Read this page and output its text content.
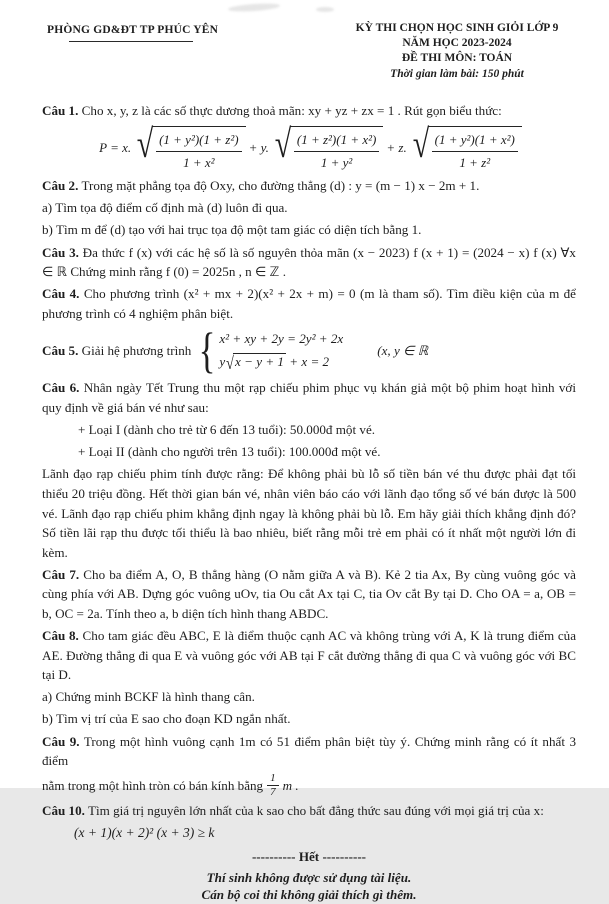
PHÒNG GD&ĐT TP PHÚC YÊN	KỲ THI CHỌN HỌC SINH GIỎI LỚP 9
NĂM HỌC 2023-2024
ĐỀ THI MÔN: TOÁN
Thời gian làm bài: 150 phút

Câu 1. Cho x, y, z là các số thực dương thoả mãn: xy + yz + zx = 1 . Rút gọn biểu thức:

P = x. √
$\frac{\text{(1 + y²)(1 + z²)}}{\text{1 + x²}} + y$. √
$\frac{\text{(1 + z²)(1 + x²)}}{\text{1 + y²}} + z$. √
$\frac{\text{(1 + y²)(1 + x²)}}{\text{1 + z²}}$

Câu 2. Trong mặt phẳng tọa độ Oxy, cho đường thẳng (d) : y = (m − 1) x − 2m + 1.

a) Tìm tọa độ điểm cố định mà (d) luôn đi qua.

b) Tìm m để (d) tạo với hai trục tọa độ một tam giác có diện tích bằng 1.

Câu 3. Đa thức f (x) với các hệ số là số nguyên thỏa mãn (x − 2023) f (x + 1) = (2024 − x) f (x) ∀x ∈ ℝ Chứng minh rằng f (0) = 2025n , n ∈ ℤ .

Câu 4. Cho phương trình (x² + mx + 2)(x² + 2x + m) = 0 (m là tham số). Tìm điều kiện của m để phương trình có 4 nghiệm phân biệt.

Câu 5. Giải hệ phương trình { x² + xy + 2y = 2y² + 2x
y√x − y + 1 + x = 2
(x, y ∈ ℝ

Câu 6. Nhân ngày Tết Trung thu một rạp chiếu phim phục vụ khán giả một bộ phim hoạt hình với quy định về giá bán vé như sau:

+ Loại I (dành cho trẻ từ 6 đến 13 tuổi): 50.000đ một vé.

+ Loại II (dành cho người trên 13 tuổi): 100.000đ một vé.

Lãnh đạo rạp chiếu phim tính được rằng: Để không phải bù lỗ số tiền bán vé thu được phải đạt tối thiểu 20 triệu đồng. Hết thời gian bán vé, nhân viên báo cáo với lãnh đạo tổng số vé bán được là 500 vé. Lãnh đạo rạp chiếu phim khẳng định ngay là không phải bù lỗ. Em hãy giải thích khẳng định đó? Số tiền lãi rạp thu được tối thiểu là bao nhiêu, biết rằng mỗi trẻ em phải có ít nhất một người lớn đi kèm.

Câu 7. Cho ba điểm A, O, B thẳng hàng (O nằm giữa A và B). Kẻ 2 tia Ax, By cùng vuông góc và cùng phía với AB. Dựng góc vuông uOv, tia Ou cắt Ax tại C, tia Ov cắt By tại D. Cho OA = a, OB = b, OC = 2a. Tính theo a, b diện tích hình thang ABDC.

Câu 8. Cho tam giác đều ABC, E là điểm thuộc cạnh AC và không trùng với A, K là trung điểm của AE. Đường thẳng đi qua E và vuông góc với AB tại F cắt đường thẳng đi qua C và vuông góc với BC tại D.

a) Chứng minh BCKF là hình thang cân.

b) Tìm vị trí của E sao cho đoạn KD ngắn nhất.

Câu 9. Trong một hình vuông cạnh 1m có 51 điểm phân biệt tùy ý. Chứng minh rằng có ít nhất 3 điểm

nằm trong một hình tròn có bán kính bằng $\frac{1}{7}$ m .

Câu 10. Tìm giá trị nguyên lớn nhất của k sao cho bất đẳng thức sau đúng với mọi giá trị của x:

(x + 1)(x + 2)² (x + 3) ≥ k

---------- Hết ----------

Thí sinh không được sử dụng tài liệu.

Cán bộ coi thi không giải thích gì thêm.
